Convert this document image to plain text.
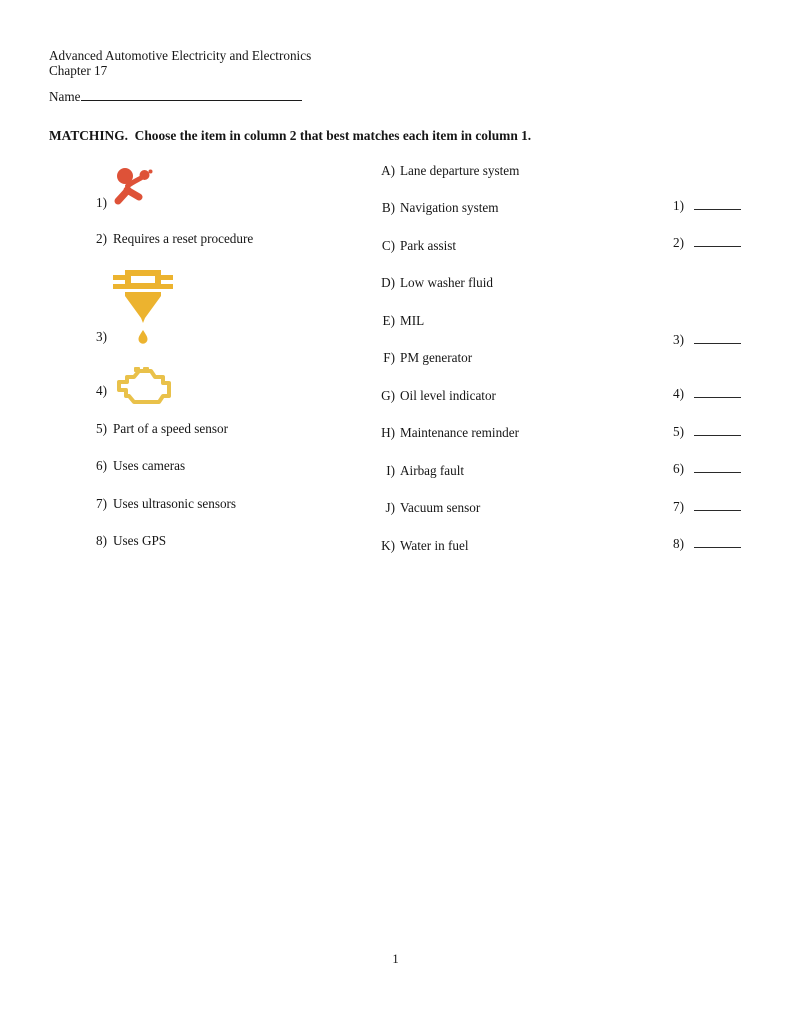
Advanced Automotive Electricity and Electronics
Chapter 17
Name
MATCHING.  Choose the item in column 2 that best matches each item in column 1.
1)
2) Requires a reset procedure
3)
4)
5) Part of a speed sensor
6) Uses cameras
7) Uses ultrasonic sensors
8) Uses GPS
A) Lane departure system
B) Navigation system
C) Park assist
D) Low washer fluid
E) MIL
F) PM generator
G) Oil level indicator
H) Maintenance reminder
I) Airbag fault
J) Vacuum sensor
K) Water in fuel
1)
2)
3)
4)
5)
6)
7)
8)
1
